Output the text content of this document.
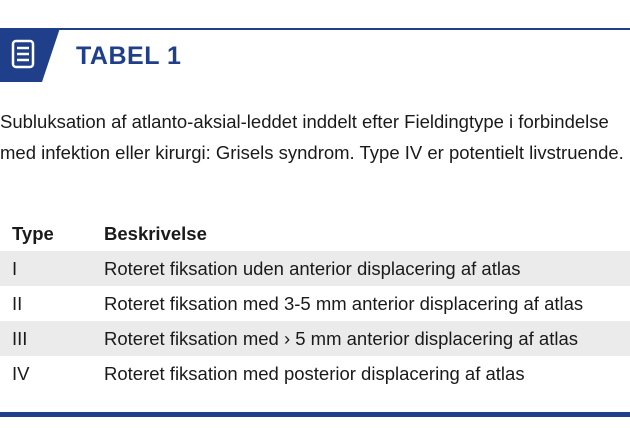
TABEL 1

Subluksation af atlanto-aksial-leddet inddelt efter Fieldingtype i forbindelse med infektion eller kirurgi: Grisels syndrom. Type IV er potentielt livstruende.

Type	Beskrivelse
I	Roteret fiksation uden anterior displacering af atlas
II	Roteret fiksation med 3-5 mm anterior displacering af atlas
III	Roteret fiksation med › 5 mm anterior displacering af atlas
IV	Roteret fiksation med posterior displacering af atlas
